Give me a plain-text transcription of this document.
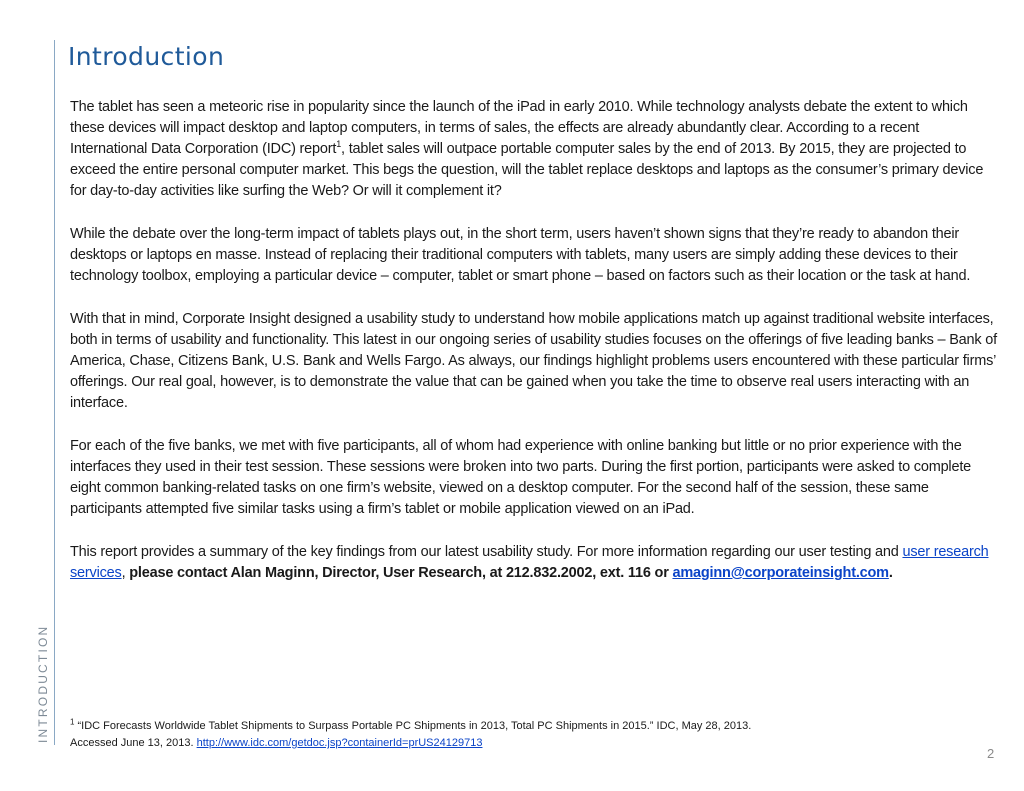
INTRODUCTION
Introduction

The tablet has seen a meteoric rise in popularity since the launch of the iPad in early 2010. While technology analysts debate the extent to which these devices will impact desktop and laptop computers, in terms of sales, the effects are already abundantly clear. According to a recent International Data Corporation (IDC) report$^1$, tablet sales will outpace portable computer sales by the end of 2013. By 2015, they are projected to exceed the entire personal computer market. This begs the question, will the tablet replace desktops and laptops as the consumer’s primary device for day-to-day activities like surfing the Web? Or will it complement it?

While the debate over the long-term impact of tablets plays out, in the short term, users haven’t shown signs that they’re ready to abandon their desktops or laptops en masse. Instead of replacing their traditional computers with tablets, many users are simply adding these devices to their technology toolbox, employing a particular device – computer, tablet or smart phone – based on factors such as their location or the task at hand.

With that in mind, Corporate Insight designed a usability study to understand how mobile applications match up against traditional website interfaces, both in terms of usability and functionality. This latest in our ongoing series of usability studies focuses on the offerings of five leading banks – Bank of America, Chase, Citizens Bank, U.S. Bank and Wells Fargo. As always, our findings highlight problems users encountered with these particular firms’ offerings. Our real goal, however, is to demonstrate the value that can be gained when you take the time to observe real users interacting with an interface.

For each of the five banks, we met with five participants, all of whom had experience with online banking but little or no prior experience with the interfaces they used in their test session. These sessions were broken into two parts. During the first portion, participants were asked to complete eight common banking-related tasks on one firm’s website, viewed on a desktop computer. For the second half of the session, these same participants attempted five similar tasks using a firm’s tablet or mobile application viewed on an iPad.

This report provides a summary of the key findings from our latest usability study. For more information regarding our user testing and user research services, please contact Alan Maginn, Director, User Research, at 212.832.2002, ext. 116 or amaginn@corporateinsight.com.

$^1$ “IDC Forecasts Worldwide Tablet Shipments to Surpass Portable PC Shipments in 2013, Total PC Shipments in 2015.” IDC, May 28, 2013.
Accessed June 13, 2013. http://www.idc.com/getdoc.jsp?containerId=prUS24129713
2
